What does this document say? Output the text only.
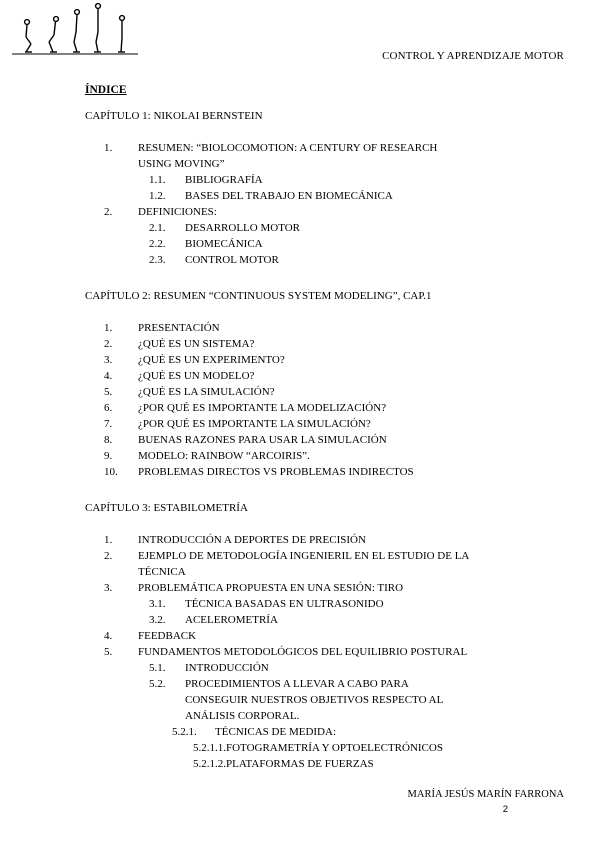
CONTROL Y APRENDIZAJE MOTOR
ÍNDICE
CAPÍTULO 1: NIKOLAI BERNSTEIN
1. RESUMEN: “BIOLOCOMOTION: A CENTURY OF RESEARCH
USING MOVING”
1.1. BIBLIOGRAFÍA
1.2. BASES DEL TRABAJO EN BIOMECÁNICA
2. DEFINICIONES:
2.1. DESARROLLO MOTOR
2.2. BIOMECÁNICA
2.3. CONTROL MOTOR
CAPÍTULO 2: RESUMEN “CONTINUOUS SYSTEM MODELING”, CAP.1
1. PRESENTACIÓN
2. ¿QUÉ ES UN SISTEMA?
3. ¿QUÉ ES UN EXPERIMENTO?
4. ¿QUÉ ES UN MODELO?
5. ¿QUÉ ES LA SIMULACIÓN?
6. ¿POR QUÉ ES IMPORTANTE LA MODELIZACIÓN?
7. ¿POR QUÉ ES IMPORTANTE LA SIMULACIÓN?
8. BUENAS RAZONES PARA USAR LA SIMULACIÓN
9. MODELO: RAINBOW “ARCOIRIS”.
10. PROBLEMAS DIRECTOS VS PROBLEMAS INDIRECTOS
CAPÍTULO 3: ESTABILOMETRÍA
1. INTRODUCCIÓN A DEPORTES DE PRECISIÓN
2. EJEMPLO DE METODOLOGÍA INGENIERIL EN EL ESTUDIO DE LA
TÉCNICA
3. PROBLEMÁTICA PROPUESTA EN UNA SESIÓN: TIRO
3.1. TÉCNICA BASADAS EN ULTRASONIDO
3.2. ACELEROMETRÍA
4. FEEDBACK
5. FUNDAMENTOS METODOLÓGICOS DEL EQUILIBRIO POSTURAL
5.1. INTRODUCCIÓN
5.2. PROCEDIMIENTOS A LLEVAR A CABO PARA
CONSEGUIR NUESTROS OBJETIVOS RESPECTO AL
ANÁLISIS CORPORAL.
5.2.1. TÉCNICAS DE MEDIDA:
5.2.1.1.FOTOGRAMETRÍA Y OPTOELECTRÓNICOS
5.2.1.2.PLATAFORMAS DE FUERZAS
MARÍA JESÚS MARÍN FARRONA
2
